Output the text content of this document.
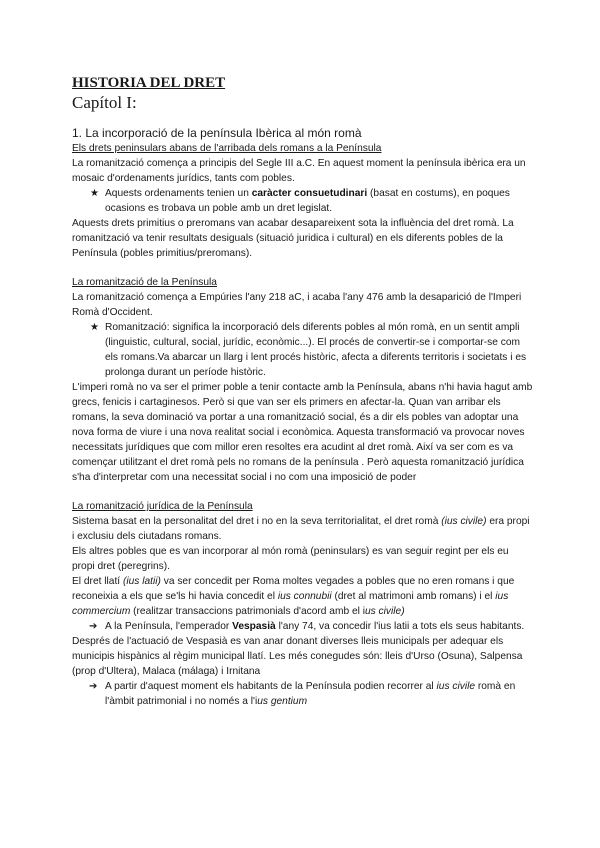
HISTORIA DEL DRET

Capítol I:

1. La incorporació de la península Ibèrica al món romà

Els drets peninsulars abans de l'arribada dels romans a la Península

La romanització comença a principis del Segle III a.C. En aquest moment la península ibèrica era un mosaic d'ordenaments jurídics, tants com pobles.

★ Aquests ordenaments tenien un caràcter consuetudinari (basat en costums), en poques ocasions es trobava un poble amb un dret legislat.

Aquests drets primitius o preromans van acabar desapareixent sota la influència del dret romà. La romanització va tenir resultats desiguals (situació juridica i cultural) en els diferents pobles de la Península (pobles primitius/preromans).

La romanització de la Península

La romanització comença a Empúries l'any 218 aC, i acaba l'any 476 amb la desaparició de l'Imperi Romà d'Occident.

★ Romanització: significa la incorporació dels diferents pobles al món romà, en un sentit ampli (linguistic, cultural, social, jurídic, econòmic...). El procés de convertir-se i comportar-se com els romans.Va abarcar un llarg i lent procés històric, afecta a diferents territoris i societats i es prolonga durant un període històric.

L'imperi romà no va ser el primer poble a tenir contacte amb la Península, abans n'hi havia hagut amb grecs, fenicis i cartaginesos. Però si que van ser els primers en afectar-la. Quan van arribar els romans, la seva dominació va portar a una romanització social, és a dir els pobles van adoptar una nova forma de viure i una nova realitat social i econòmica. Aquesta transformació va provocar noves necessitats jurídiques que com millor eren resoltes era acudint al dret romà. Així va ser com es va començar utilitzant el dret romà pels no romans de la península . Però aquesta romanització jurídica s'ha d'interpretar com una necessitat social i no com una imposició de poder

La romanització jurídica de la Península

Sistema basat en la personalitat del dret i no en la seva territorialitat, el dret romà (ius civile) era propi i exclusiu dels ciutadans romans.

Els altres pobles que es van incorporar al món romà (peninsulars) es van seguir regint per els eu propi dret (peregrins).

El dret llatí (ius latii) va ser concedit per Roma moltes vegades a pobles que no eren romans i que reconeixia a els que se'ls hi havia concedit el ius connubii (dret al matrimoni amb romans) i el ius commercium (realitzar transaccions patrimonials d'acord amb el ius civile)

➔ A la Península, l'emperador Vespasià l'any 74, va concedir l'ius latii a tots els seus habitants.

Després de l'actuació de Vespasià es van anar donant diverses lleis municipals per adequar els municipis hispànics al règim municipal llatí. Les més conegudes són: lleis d'Urso (Osuna), Salpensa (prop d'Ultera), Malaca (málaga) i Irnitana

➔ A partir d'aquest moment els habitants de la Península podien recorrer al ius civile romà en l'àmbit patrimonial i no només a l'ius gentium
